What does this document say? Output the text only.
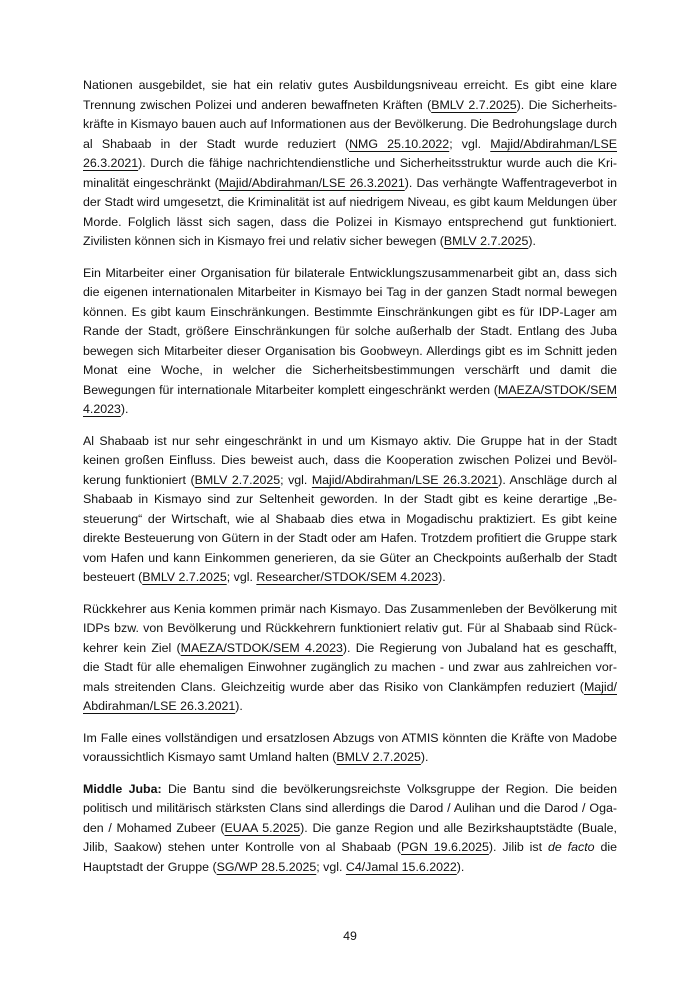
Nationen ausgebildet, sie hat ein relativ gutes Ausbildungsniveau erreicht. Es gibt eine klare Trennung zwischen Polizei und anderen bewaffneten Kräften (BMLV 2.7.2025). Die Sicherheitskräfte in Kismayo bauen auch auf Informationen aus der Bevölkerung. Die Bedrohungslage durch al Shabaab in der Stadt wurde reduziert (NMG 25.10.2022; vgl. Majid/Abdirahman/LSE 26.3.2021). Durch die fähige nachrichtendienstliche und Sicherheitsstruktur wurde auch die Kriminalität eingeschränkt (Majid/Abdirahman/LSE 26.3.2021). Das verhängte Waffentrageverbot in der Stadt wird umgesetzt, die Kriminalität ist auf niedrigem Niveau, es gibt kaum Meldungen über Morde. Folglich lässt sich sagen, dass die Polizei in Kismayo entsprechend gut funktioniert. Zivilisten können sich in Kismayo frei und relativ sicher bewegen (BMLV 2.7.2025).

Ein Mitarbeiter einer Organisation für bilaterale Entwicklungszusammenarbeit gibt an, dass sich die eigenen internationalen Mitarbeiter in Kismayo bei Tag in der ganzen Stadt normal bewegen können. Es gibt kaum Einschränkungen. Bestimmte Einschränkungen gibt es für IDP-Lager am Rande der Stadt, größere Einschränkungen für solche außerhalb der Stadt. Entlang des Juba bewegen sich Mitarbeiter dieser Organisation bis Goobweyn. Allerdings gibt es im Schnitt jeden Monat eine Woche, in welcher die Sicherheitsbestimmungen verschärft und damit die Bewegungen für internationale Mitarbeiter komplett eingeschränkt werden (MAEZA/STDOK/​SEM 4.2023).

Al Shabaab ist nur sehr eingeschränkt in und um Kismayo aktiv. Die Gruppe hat in der Stadt keinen großen Einfluss. Dies beweist auch, dass die Kooperation zwischen Polizei und Bevölkerung funktioniert (BMLV 2.7.2025; vgl. Majid/Abdirahman/LSE 26.3.2021). Anschläge durch al Shabaab in Kismayo sind zur Seltenheit geworden. In der Stadt gibt es keine derartige „Besteuerung“ der Wirtschaft, wie al Shabaab dies etwa in Mogadischu praktiziert. Es gibt keine direkte Besteuerung von Gütern in der Stadt oder am Hafen. Trotzdem profitiert die Gruppe stark vom Hafen und kann Einkommen generieren, da sie Güter an Checkpoints außerhalb der Stadt besteuert (BMLV 2.7.2025; vgl. Researcher/STDOK/SEM 4.2023).

Rückkehrer aus Kenia kommen primär nach Kismayo. Das Zusammenleben der Bevölkerung mit IDPs bzw. von Bevölkerung und Rückkehrern funktioniert relativ gut. Für al Shabaab sind Rückkehrer kein Ziel (MAEZA/STDOK/SEM 4.2023). Die Regierung von Jubaland hat es geschafft, die Stadt für alle ehemaligen Einwohner zugänglich zu machen - und zwar aus zahlreichen vormals streitenden Clans. Gleichzeitig wurde aber das Risiko von Clankämpfen reduziert (Majid/​Abdirahman/LSE 26.3.2021).

Im Falle eines vollständigen und ersatzlosen Abzugs von ATMIS könnten die Kräfte von Madobe voraussichtlich Kismayo samt Umland halten (BMLV 2.7.2025).

Middle Juba: Die Bantu sind die bevölkerungsreichste Volksgruppe der Region. Die beiden politisch und militärisch stärksten Clans sind allerdings die Darod / Aulihan und die Darod / Ogaden / Mohamed Zubeer (EUAA 5.2025). Die ganze Region und alle Bezirkshauptstädte (Buale, Jilib, Saakow) stehen unter Kontrolle von al Shabaab (PGN 19.6.2025). Jilib ist de facto die Hauptstadt der Gruppe (SG/WP 28.5.2025; vgl. C4/Jamal 15.6.2022).

49
